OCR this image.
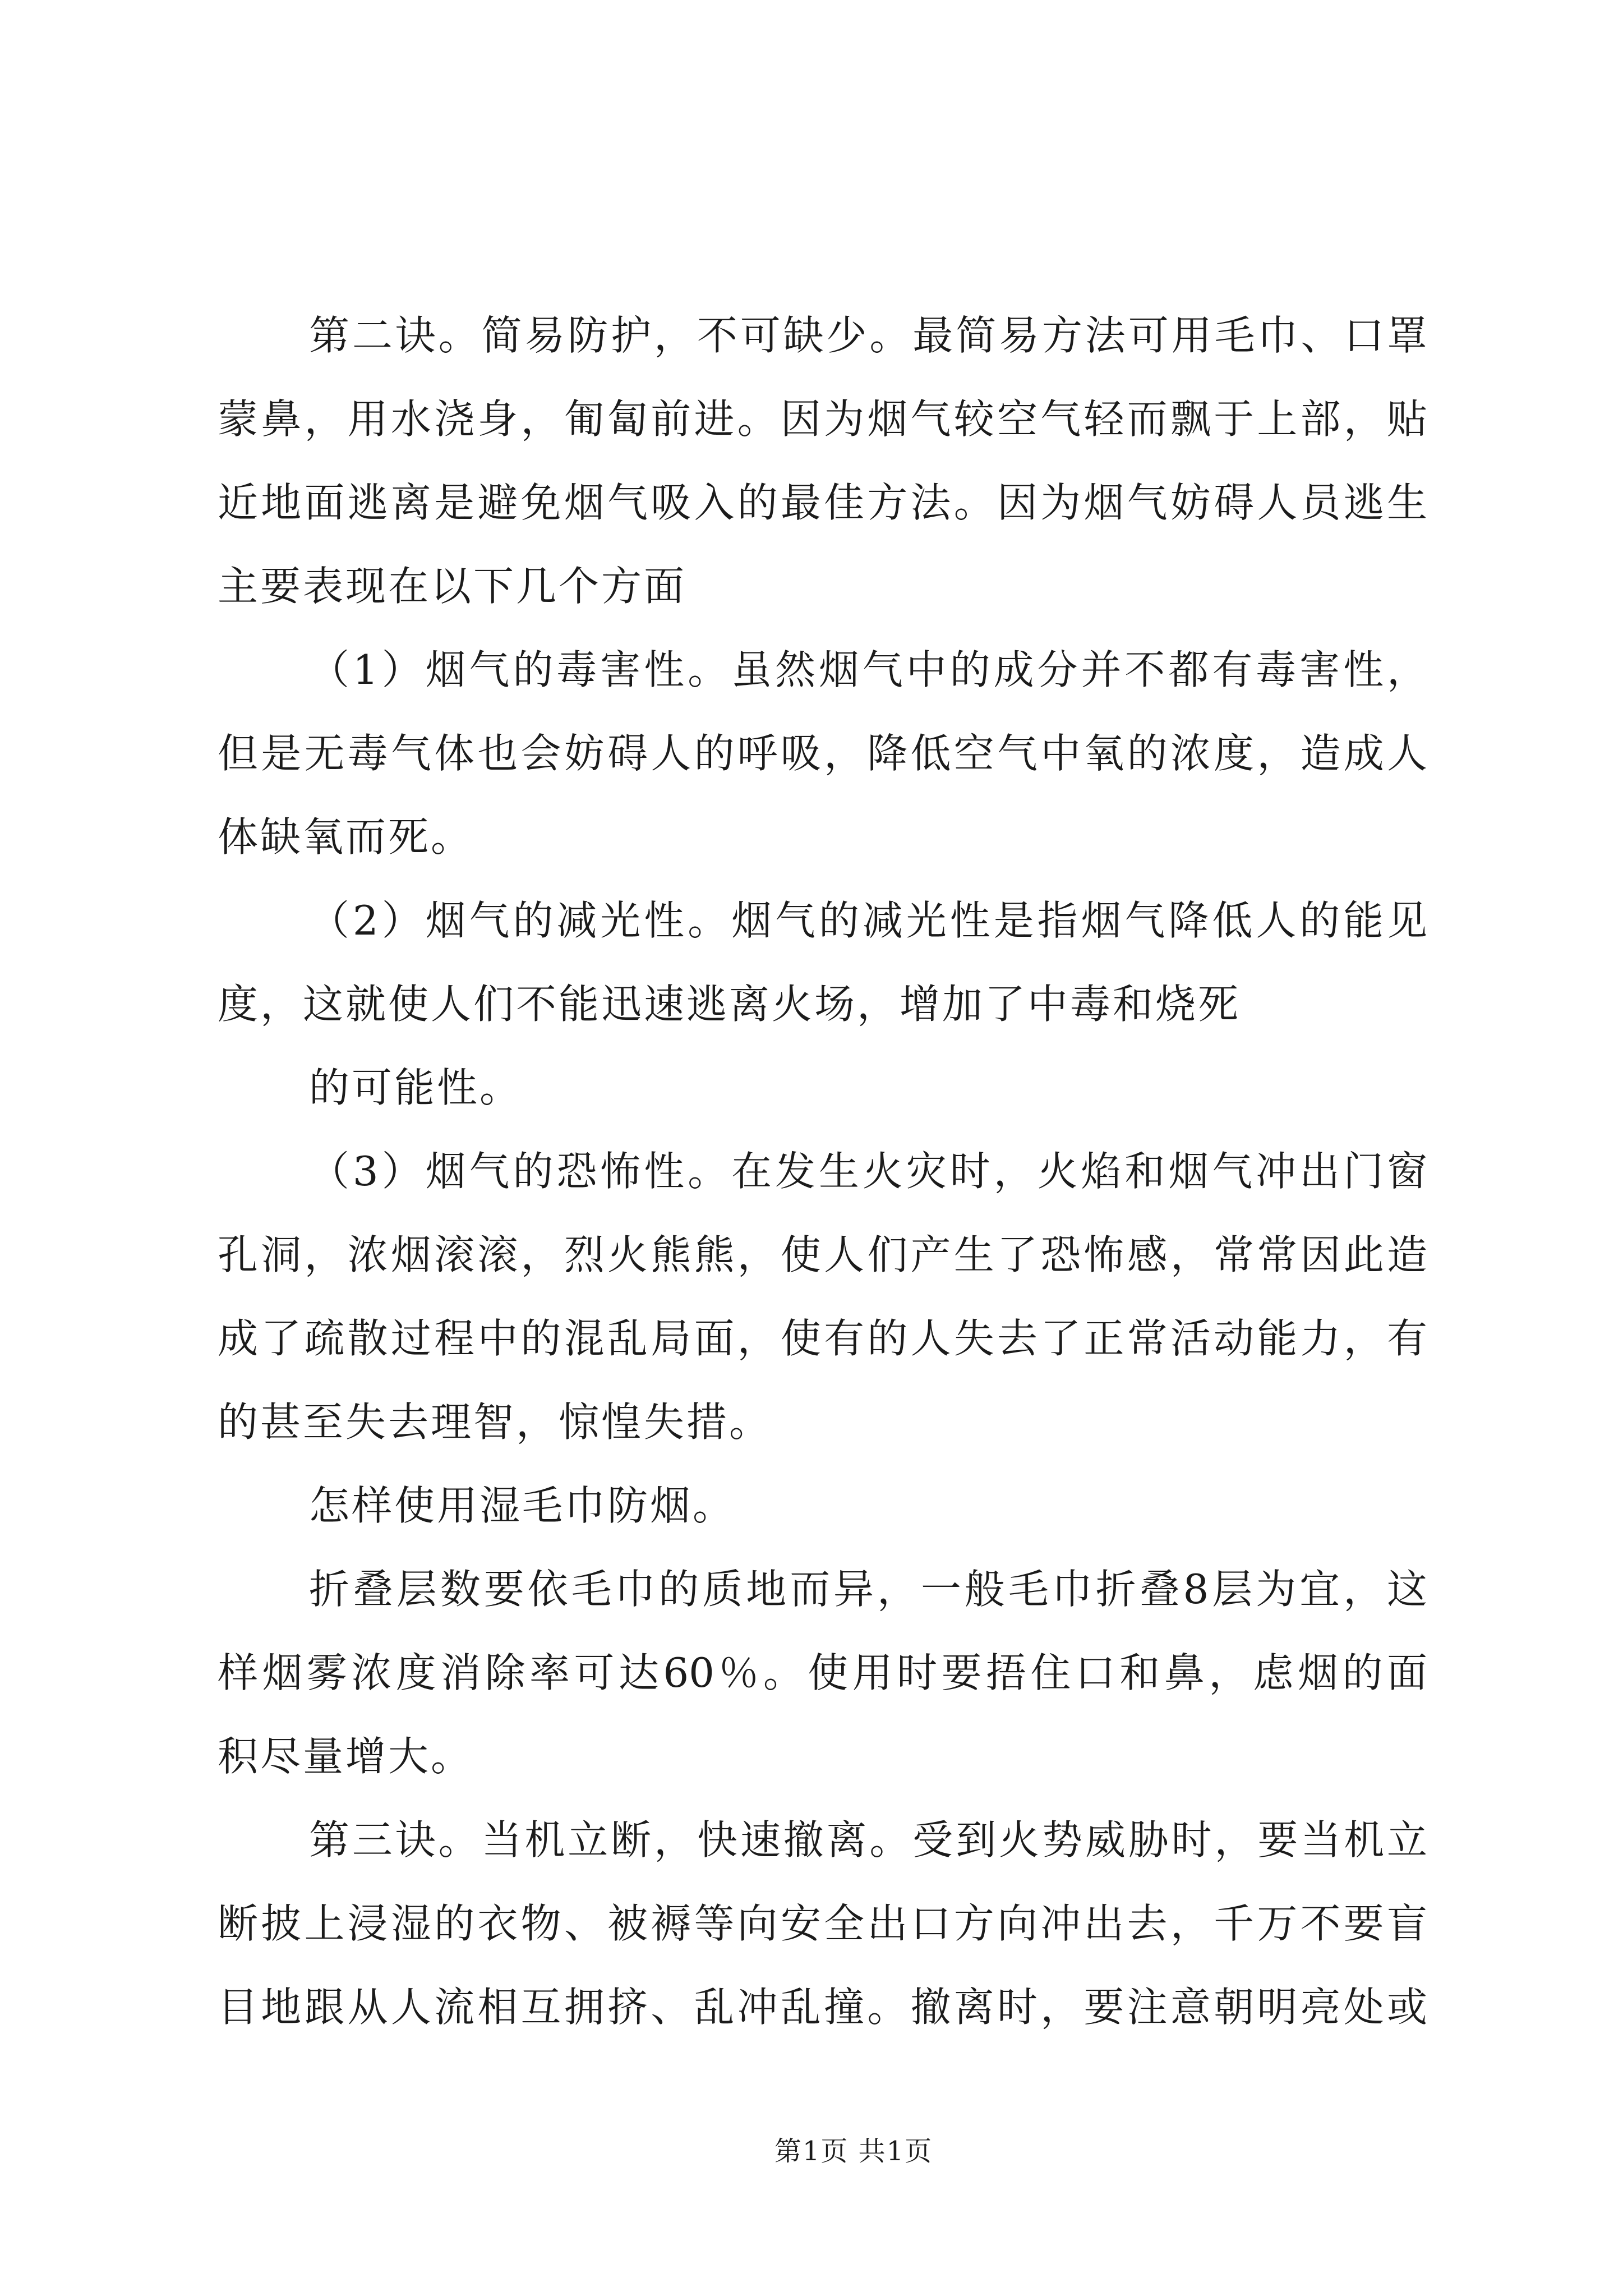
第二诀。简易防护，不可缺少。最简易方法可用毛巾、口罩
蒙鼻，用水浇身，匍匐前进。因为烟气较空气轻而飘于上部，贴
近地面逃离是避免烟气吸入的最佳方法。因为烟气妨碍人员逃生
主要表现在以下几个方面
（1）烟气的毒害性。虽然烟气中的成分并不都有毒害性，
但是无毒气体也会妨碍人的呼吸，降低空气中氧的浓度，造成人
体缺氧而死。
（2）烟气的减光性。烟气的减光性是指烟气降低人的能见
度，这就使人们不能迅速逃离火场，增加了中毒和烧死
的可能性。
（3）烟气的恐怖性。在发生火灾时，火焰和烟气冲出门窗
孔洞，浓烟滚滚，烈火熊熊，使人们产生了恐怖感，常常因此造
成了疏散过程中的混乱局面，使有的人失去了正常活动能力，有
的甚至失去理智，惊惶失措。
怎样使用湿毛巾防烟。
折叠层数要依毛巾的质地而异，一般毛巾折叠8层为宜，这
样烟雾浓度消除率可达60％。使用时要捂住口和鼻，虑烟的面
积尽量增大。
第三诀。当机立断，快速撤离。受到火势威胁时，要当机立
断披上浸湿的衣物、被褥等向安全出口方向冲出去，千万不要盲
目地跟从人流相互拥挤、乱冲乱撞。撤离时，要注意朝明亮处或
第1页 共1页
